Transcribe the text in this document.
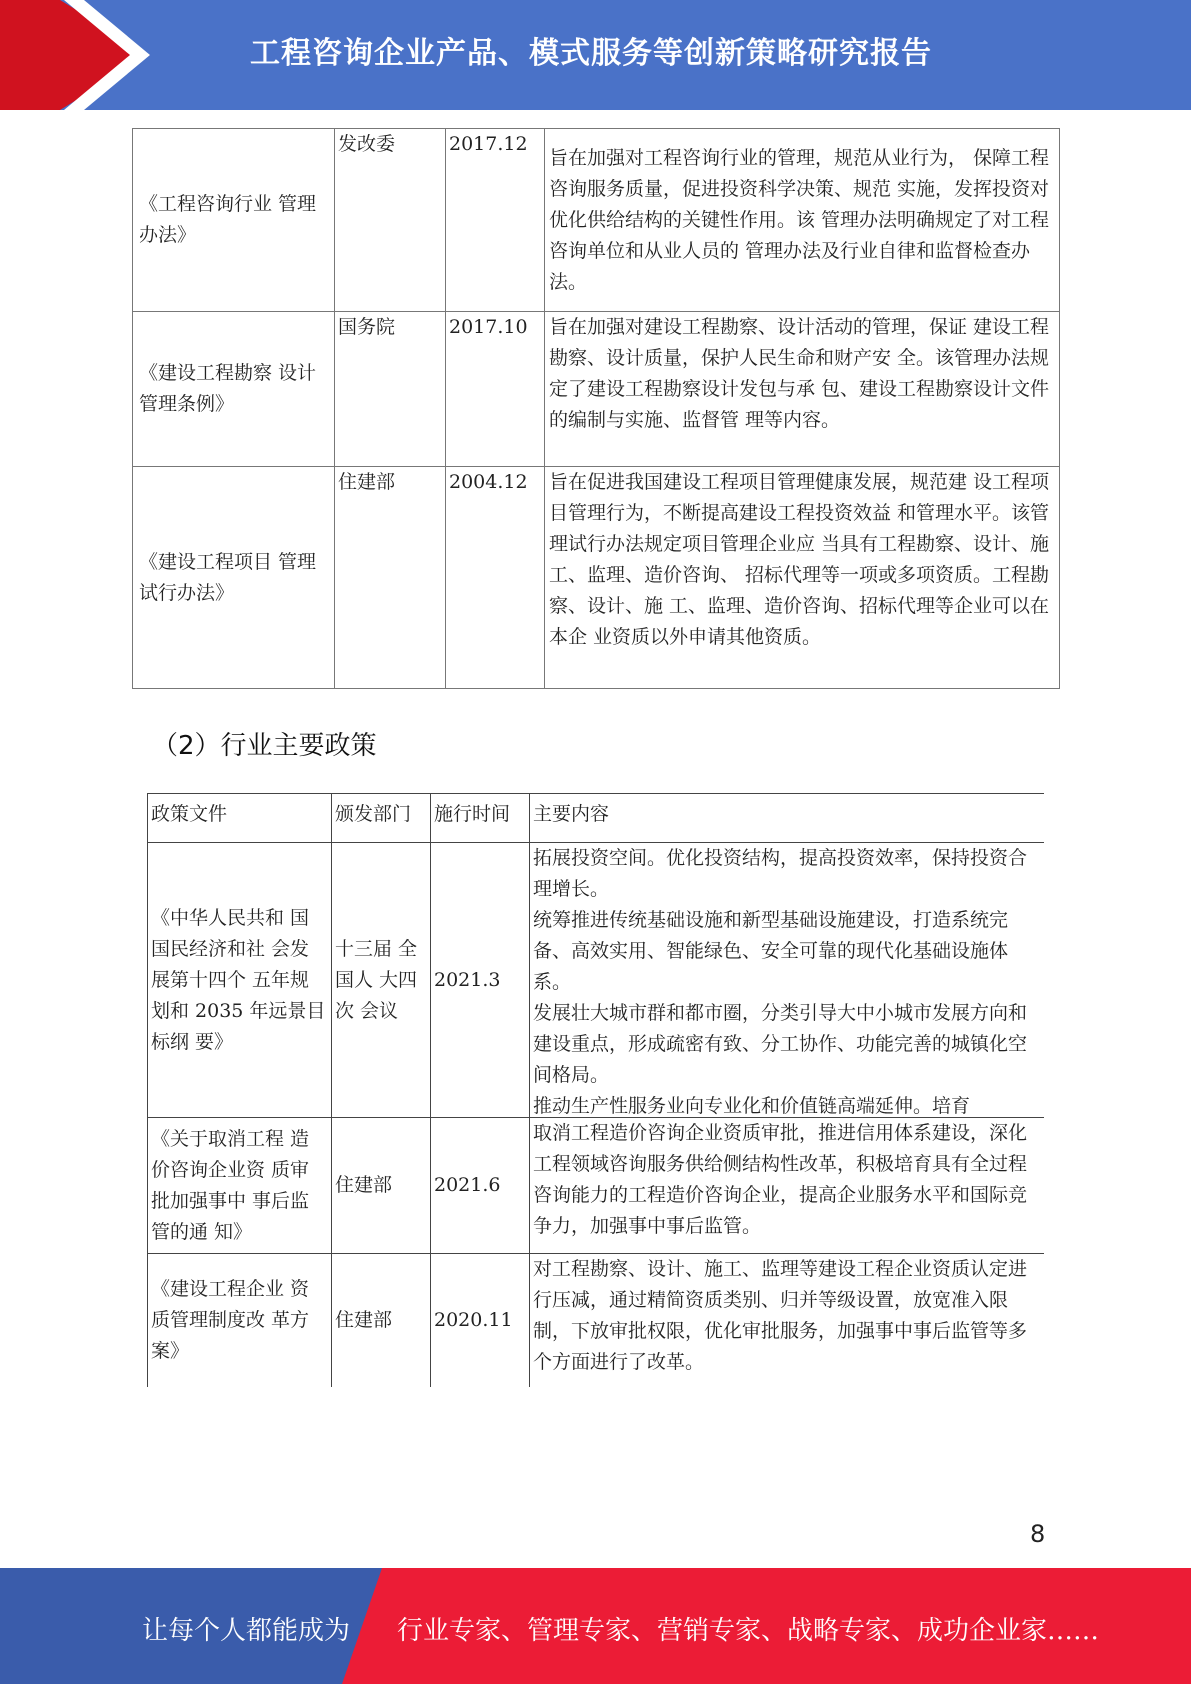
工程咨询企业产品、模式服务等创新策略研究报告
《工程咨询行业 管理办法》	发改委	2017.12	旨在加强对工程咨询行业的管理，规范从业行为， 保障工程咨询服务质量，促进投资科学决策、规范 实施，发挥投资对优化供给结构的关键性作用。该 管理办法明确规定了对工程咨询单位和从业人员的 管理办法及行业自律和监督检查办法。
《建设工程勘察 设计管理条例》	国务院	2017.10	旨在加强对建设工程勘察、设计活动的管理，保证 建设工程勘察、设计质量，保护人民生命和财产安 全。该管理办法规定了建设工程勘察设计发包与承 包、建设工程勘察设计文件的编制与实施、监督管 理等内容。
《建设工程项目 管理试行办法》	住建部	2004.12	旨在促进我国建设工程项目管理健康发展，规范建 设工程项目管理行为，不断提高建设工程投资效益 和管理水平。该管理试行办法规定项目管理企业应 当具有工程勘察、设计、施工、监理、造价咨询、 招标代理等一项或多项资质。工程勘察、设计、施 工、监理、造价咨询、招标代理等企业可以在本企 业资质以外申请其他资质。
（2）行业主要政策
政策文件	颁发部门	施行时间	主要内容
《中华人民共和 国国民经济和社 会发展第十四个 五年规划和 2035 年远景目标纲 要》	十三届 全国人 大四次 会议	2021.3	拓展投资空间。优化投资结构，提高投资效率，保持投资合理增长。
统筹推进传统基础设施和新型基础设施建设，打造系统完备、高效实用、智能绿色、安全可靠的现代化基础设施体系。
发展壮大城市群和都市圈，分类引导大中小城市发展方向和建设重点，形成疏密有致、分工协作、功能完善的城镇化空间格局。
推动生产性服务业向专业化和价值链高端延伸。培育

《关于取消工程 造价咨询企业资 质审批加强事中 事后监管的通 知》	住建部	2021.6	取消工程造价咨询企业资质审批，推进信用体系建设，深化工程领域咨询服务供给侧结构性改革，积极培育具有全过程咨询能力的工程造价咨询企业，提高企业服务水平和国际竞争力，加强事中事后监管。
《建设工程企业 资质管理制度改 革方案》	住建部	2020.11	对工程勘察、设计、施工、监理等建设工程企业资质认定进行压减，通过精简资质类别、归并等级设置，放宽准入限制，下放审批权限，优化审批服务，加强事中事后监管等多个方面进行了改革。
8
让每个人都能成为 行业专家、管理专家、营销专家、战略专家、成功企业家……
